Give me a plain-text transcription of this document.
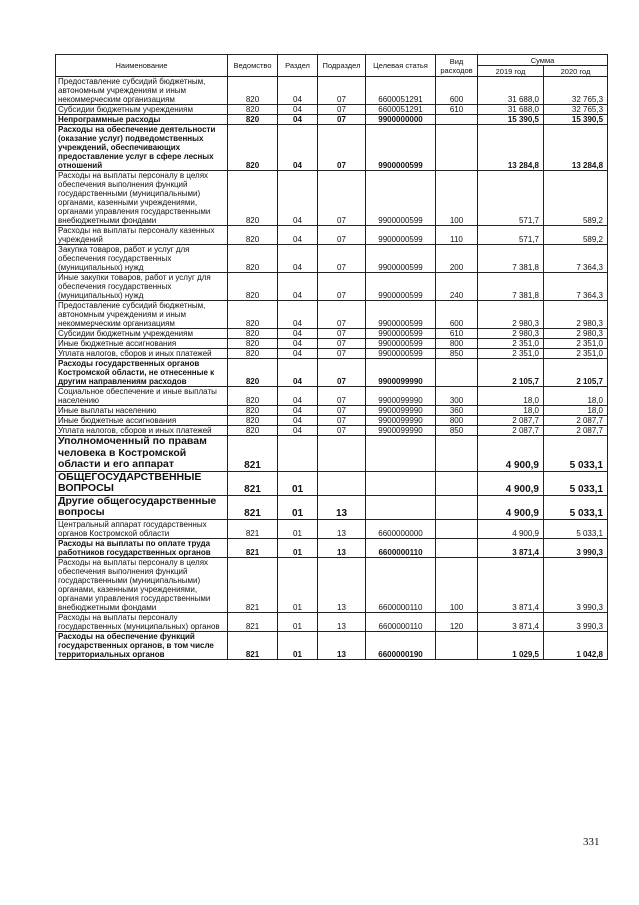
Наименование	Ведомство	Раздел	Подраздел	Целевая статья	Вид расходов	Сумма	
						2019 год	2020 год
Предоставление субсидий бюджетным, автономным учреждениям и иным некоммерческим организациям	820	04	07	6600051291	600	31 688,0	32 765,3
Субсидии бюджетным учреждениям	820	04	07	6600051291	610	31 688,0	32 765,3
Непрограммные расходы	820	04	07	9900000000		15 390,5	15 390,5
Расходы на обеспечение деятельности (оказание услуг) подведомственных учреждений, обеспечивающих предоставление услуг в сфере лесных отношений	820	04	07	9900000599		13 284,8	13 284,8
Расходы на выплаты персоналу в целях обеспечения выполнения функций государственными (муниципальными) органами, казенными учреждениями, органами управления государственными внебюджетными фондами	820	04	07	9900000599	100	571,7	589,2
Расходы на выплаты персоналу казенных учреждений	820	04	07	9900000599	110	571,7	589,2
Закупка товаров, работ и услуг для обеспечения государственных (муниципальных) нужд	820	04	07	9900000599	200	7 381,8	7 364,3
Иные закупки товаров, работ и услуг для обеспечения государственных (муниципальных) нужд	820	04	07	9900000599	240	7 381,8	7 364,3
Предоставление субсидий бюджетным, автономным учреждениям и иным некоммерческим организациям	820	04	07	9900000599	600	2 980,3	2 980,3
Субсидии бюджетным учреждениям	820	04	07	9900000599	610	2 980,3	2 980,3
Иные бюджетные ассигнования	820	04	07	9900000599	800	2 351,0	2 351,0
Уплата налогов, сборов и иных платежей	820	04	07	9900000599	850	2 351,0	2 351,0
Расходы государственных органов Костромской области, не отнесенные к другим направлениям расходов	820	04	07	9900099990		2 105,7	2 105,7
Социальное обеспечение и иные выплаты населению	820	04	07	9900099990	300	18,0	18,0
Иные выплаты населению	820	04	07	9900099990	360	18,0	18,0
Иные бюджетные ассигнования	820	04	07	9900099990	800	2 087,7	2 087,7
Уплата налогов, сборов и иных платежей	820	04	07	9900099990	850	2 087,7	2 087,7
Уполномоченный по правам человека в Костромской области и его аппарат	821					4 900,9	5 033,1
ОБЩЕГОСУДАРСТВЕННЫЕ ВОПРОСЫ	821	01				4 900,9	5 033,1
Другие общегосударственные вопросы	821	01	13			4 900,9	5 033,1
Центральный аппарат государственных органов Костромской области	821	01	13	6600000000		4 900,9	5 033,1
Расходы на выплаты по оплате труда работников государственных органов	821	01	13	6600000110		3 871,4	3 990,3
Расходы на выплаты персоналу в целях обеспечения выполнения функций государственными (муниципальными) органами, казенными учреждениями, органами управления государственными внебюджетными фондами	821	01	13	6600000110	100	3 871,4	3 990,3
Расходы на выплаты персоналу государственных (муниципальных) органов	821	01	13	6600000110	120	3 871,4	3 990,3
Расходы на обеспечение функций государственных органов, в том числе территориальных органов	821	01	13	6600000190		1 029,5	1 042,8
331
